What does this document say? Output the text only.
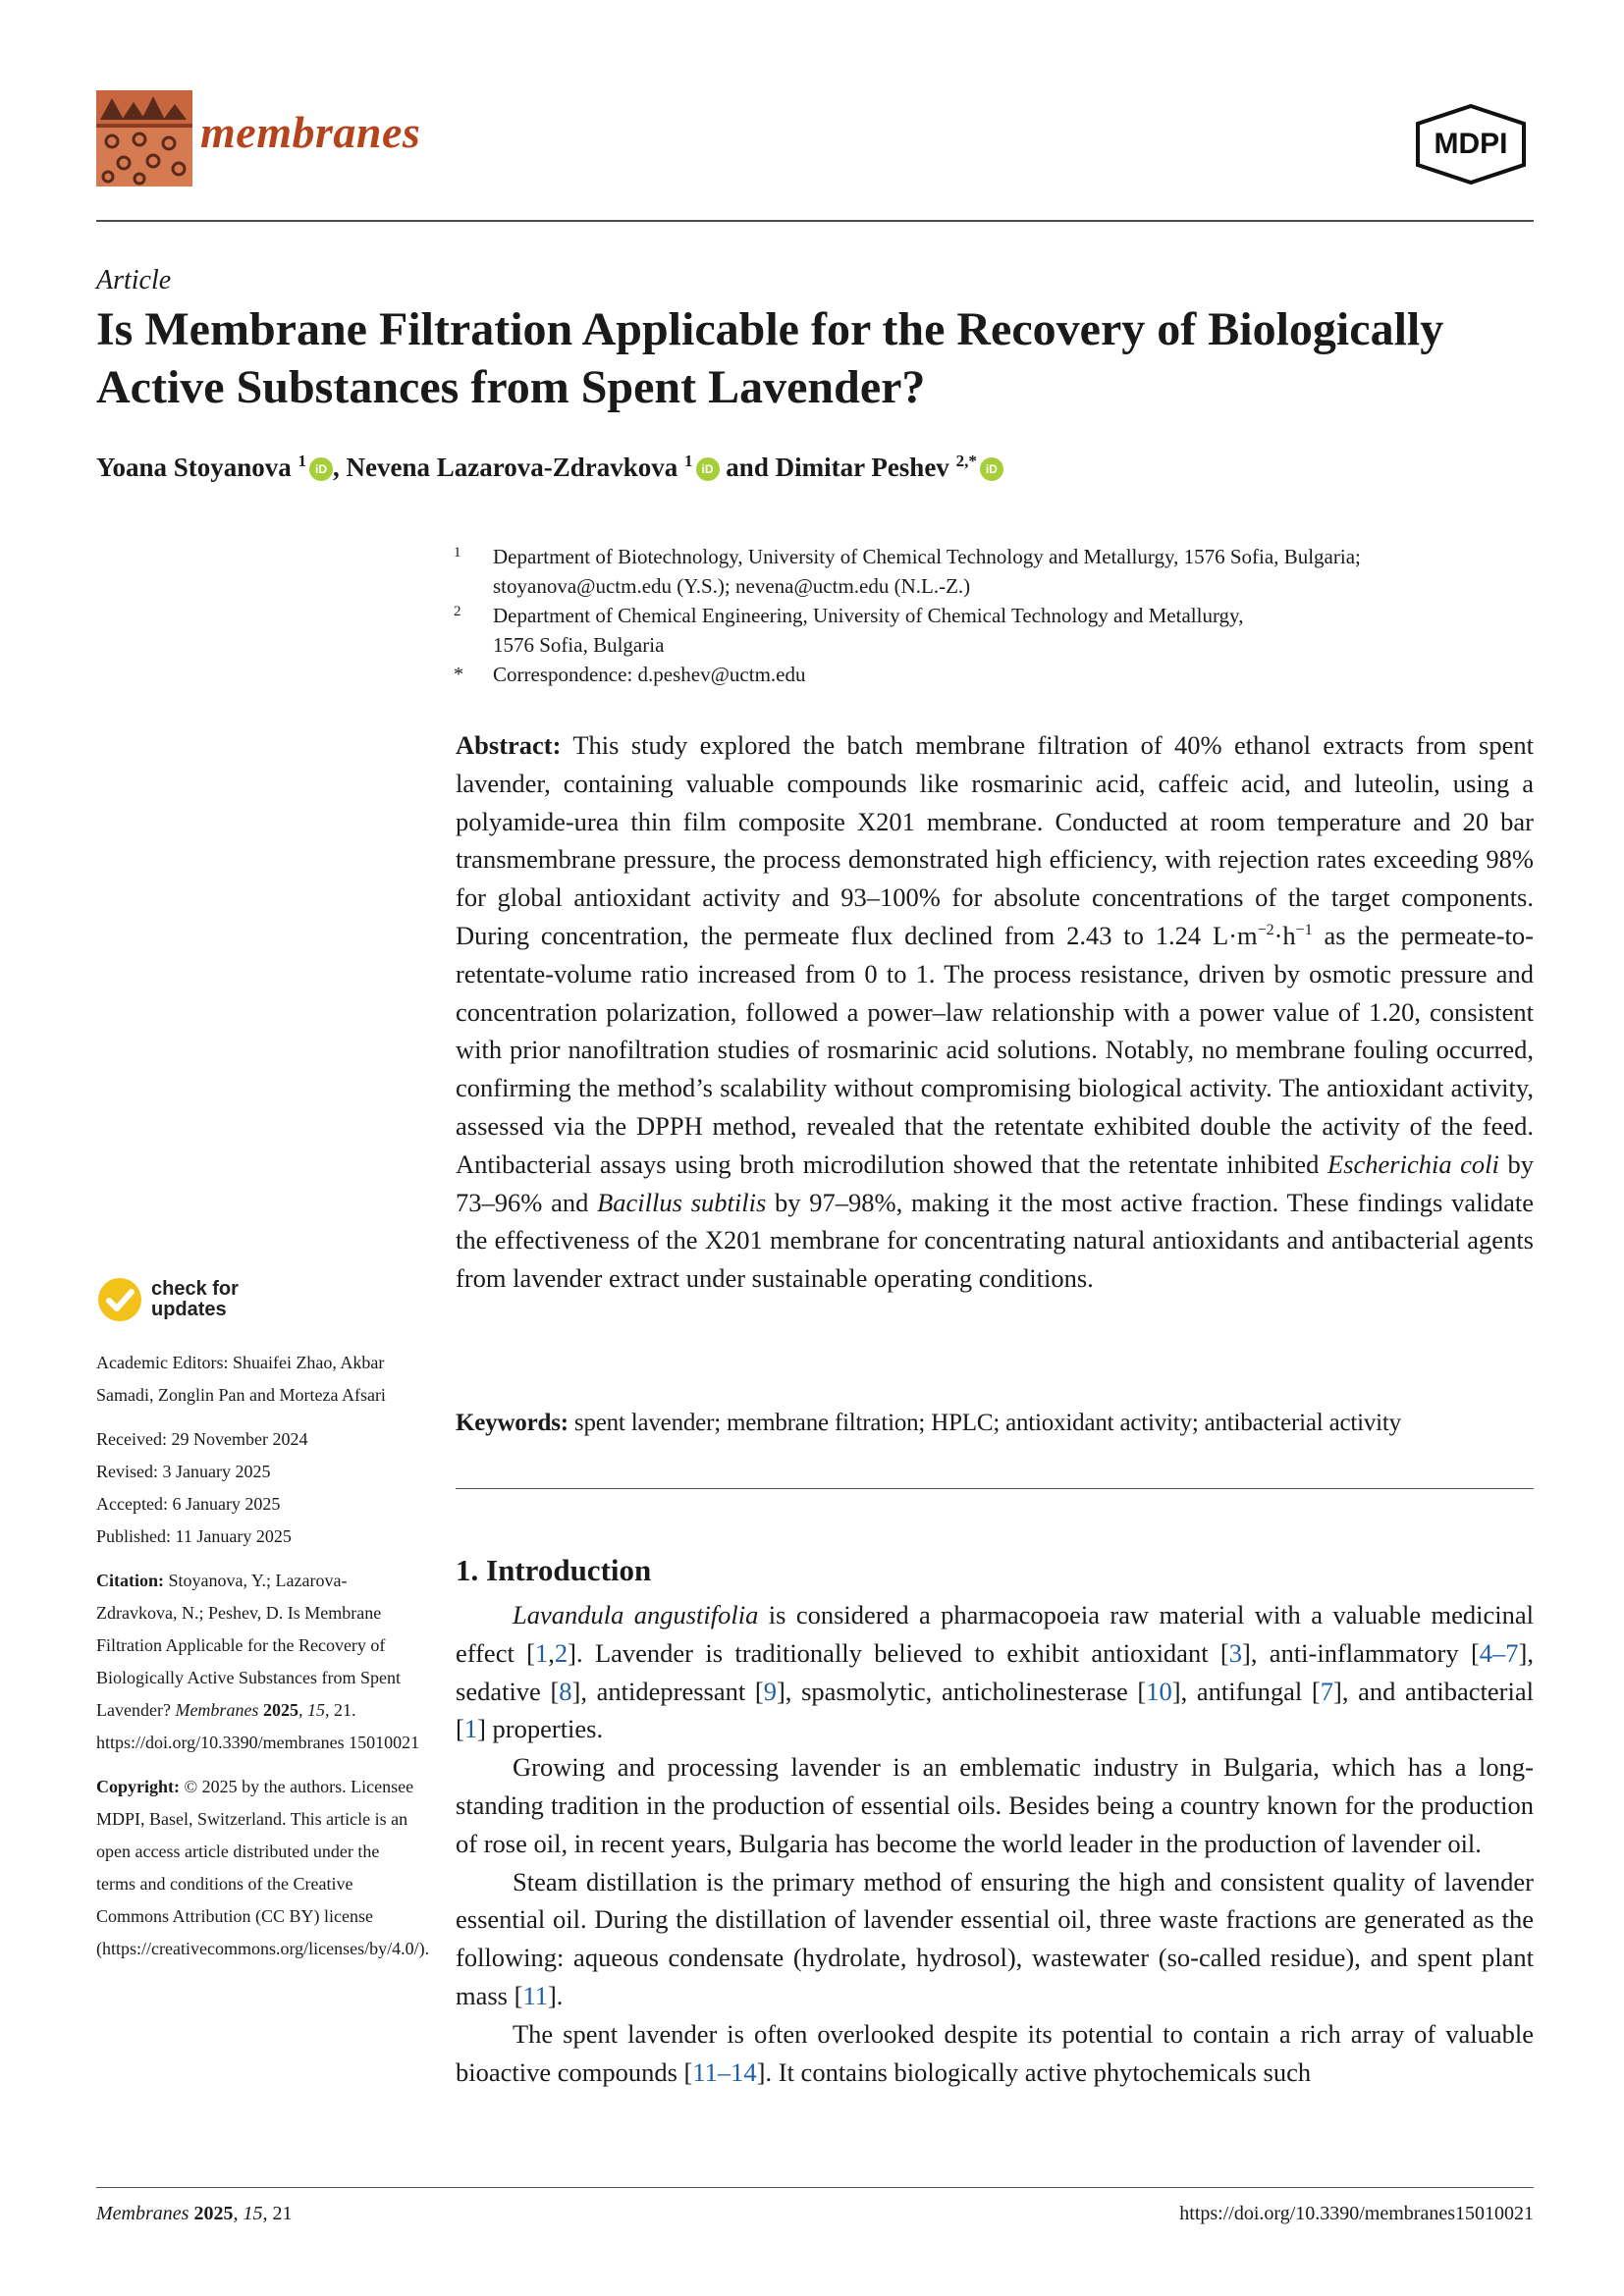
membranes	MDPI
Article
Is Membrane Filtration Applicable for the Recovery of Biologically Active Substances from Spent Lavender?
Yoana Stoyanova $^1$ iD , Nevena Lazarova-Zdravkova $^1$ iD and Dimitar Peshev $^{2,*}$ iD
1 Department of Biotechnology, University of Chemical Technology and Metallurgy, 1576 Sofia, Bulgaria;
stoyanova@uctm.edu (Y.S.); nevena@uctm.edu (N.L.-Z.)
2 Department of Chemical Engineering, University of Chemical Technology and Metallurgy,
1576 Sofia, Bulgaria
* Correspondence: d.peshev@uctm.edu
Abstract: This study explored the batch membrane filtration of 40% ethanol extracts from spent lavender, containing valuable compounds like rosmarinic acid, caffeic acid, and luteolin, using a polyamide-urea thin film composite X201 membrane. Conducted at room temperature and 20 bar transmembrane pressure, the process demonstrated high efficiency, with rejection rates exceeding 98% for global antioxidant activity and 93–100% for absolute concentrations of the target components. During concentration, the permeate flux declined from 2.43 to 1.24 $L\cdot m^{-2}\cdot h^{-1}$ as the permeate-to-retentate-volume ratio increased from 0 to 1. The process resistance, driven by osmotic pressure and concentration polarization, followed a power–law relationship with a power value of 1.20, consistent with prior nanofiltration studies of rosmarinic acid solutions. Notably, no membrane fouling occurred, confirming the method’s scalability without compromising biological activity. The antioxidant activity, assessed via the DPPH method, revealed that the retentate exhibited double the activity of the feed. Antibacterial assays using broth microdilution showed that the retentate inhibited Escherichia coli by 73–96% and Bacillus subtilis by 97–98%, making it the most active fraction. These findings validate the effectiveness of the X201 membrane for concentrating natural antioxidants and antibacterial agents from lavender extract under sustainable operating conditions.
Keywords: spent lavender; membrane filtration; HPLC; antioxidant activity; antibacterial activity
1. Introduction

Lavandula angustifolia is considered a pharmacopoeia raw material with a valuable medicinal effect [1,2]. Lavender is traditionally believed to exhibit antioxidant [3], anti-inflammatory [4–7], sedative [8], antidepressant [9], spasmolytic, anticholinesterase [10], antifungal [7], and antibacterial [1] properties.

Growing and processing lavender is an emblematic industry in Bulgaria, which has a long-standing tradition in the production of essential oils. Besides being a country known for the production of rose oil, in recent years, Bulgaria has become the world leader in the production of lavender oil.

Steam distillation is the primary method of ensuring the high and consistent quality of lavender essential oil. During the distillation of lavender essential oil, three waste fractions are generated as the following: aqueous condensate (hydrolate, hydrosol), wastewater (so-called residue), and spent plant mass [11].

The spent lavender is often overlooked despite its potential to contain a rich array of valuable bioactive compounds [11–14]. It contains biologically active phytochemicals such

check for
updates
Academic Editors: Shuaifei Zhao, Akbar Samadi, Zonglin Pan and Morteza Afsari

Received: 29 November 2024

Revised: 3 January 2025

Accepted: 6 January 2025

Published: 11 January 2025

Citation: Stoyanova, Y.; Lazarova-Zdravkova, N.; Peshev, D. Is Membrane Filtration Applicable for the Recovery of Biologically Active Substances from Spent Lavender? Membranes 2025, 15, 21. https://doi.org/10.3390/membranes 15010021
Copyright: © 2025 by the authors. Licensee MDPI, Basel, Switzerland. This article is an open access article distributed under the terms and conditions of the Creative Commons Attribution (CC BY) license (https://creativecommons.org/licenses/by/4.0/).
Membranes 2025, 15, 21	https://doi.org/10.3390/membranes15010021
